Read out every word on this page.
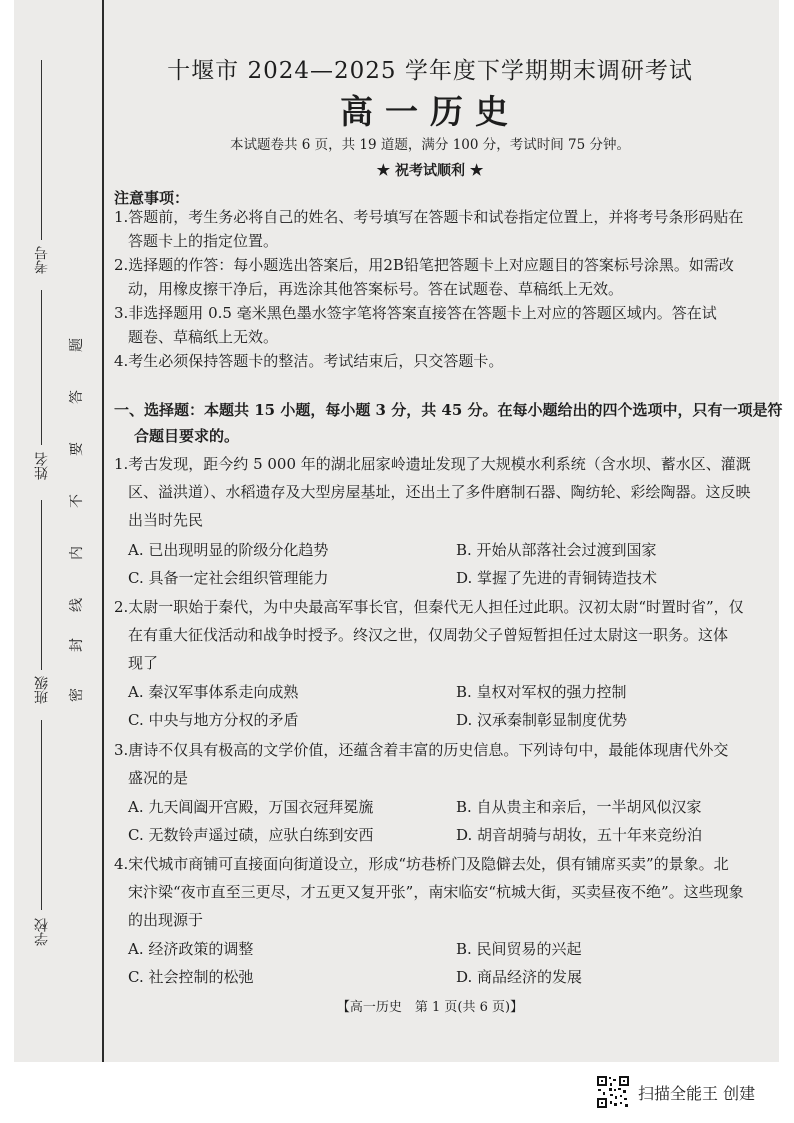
考号
姓名
班级
学校
题
答
要
不
内
线
封
密
十堰市 2024—2025 学年度下学期期末调研考试
高一历史
本试题卷共 6 页，共 19 道题，满分 100 分，考试时间 75 分钟。
★ 祝考试顺利 ★
注意事项：
1.答题前，考生务必将自己的姓名、考号填写在答题卡和试卷指定位置上，并将考号条形码贴在
答题卡上的指定位置。
2.选择题的作答：每小题选出答案后，用2B铅笔把答题卡上对应题目的答案标号涂黑。如需改
动，用橡皮擦干净后，再选涂其他答案标号。答在试题卷、草稿纸上无效。
3.非选择题用 0.5 毫米黑色墨水签字笔将答案直接答在答题卡上对应的答题区域内。答在试
题卷、草稿纸上无效。
4.考生必须保持答题卡的整洁。考试结束后，只交答题卡。
一、选择题：本题共 15 小题，每小题 3 分，共 45 分。在每小题给出的四个选项中，只有一项是符
合题目要求的。
1.考古发现，距今约 5 000 年的湖北屈家岭遗址发现了大规模水利系统（含水坝、蓄水区、灌溉
区、溢洪道）、水稻遗存及大型房屋基址，还出土了多件磨制石器、陶纺轮、彩绘陶器。这反映
出当时先民
A. 已出现明显的阶级分化趋势	B. 开始从部落社会过渡到国家
C. 具备一定社会组织管理能力	D. 掌握了先进的青铜铸造技术
2.太尉一职始于秦代，为中央最高军事长官，但秦代无人担任过此职。汉初太尉“时置时省”，仅
在有重大征伐活动和战争时授予。终汉之世，仅周勃父子曾短暂担任过太尉这一职务。这体
现了
A. 秦汉军事体系走向成熟	B. 皇权对军权的强力控制
C. 中央与地方分权的矛盾	D. 汉承秦制彰显制度优势
3.唐诗不仅具有极高的文学价值，还蕴含着丰富的历史信息。下列诗句中，最能体现唐代外交
盛况的是
A. 九天阊阖开宫殿，万国衣冠拜冕旒	B. 自从贵主和亲后，一半胡风似汉家
C. 无数铃声遥过碛，应驮白练到安西	D. 胡音胡骑与胡妆，五十年来竞纷泊
4.宋代城市商铺可直接面向街道设立，形成“坊巷桥门及隐僻去处，俱有铺席买卖”的景象。北
宋汴梁“夜市直至三更尽，才五更又复开张”，南宋临安“杭城大街，买卖昼夜不绝”。这些现象
的出现源于
A. 经济政策的调整	B. 民间贸易的兴起
C. 社会控制的松弛	D. 商品经济的发展
【高一历史　第 1 页(共 6 页)】
扫描全能王 创建
